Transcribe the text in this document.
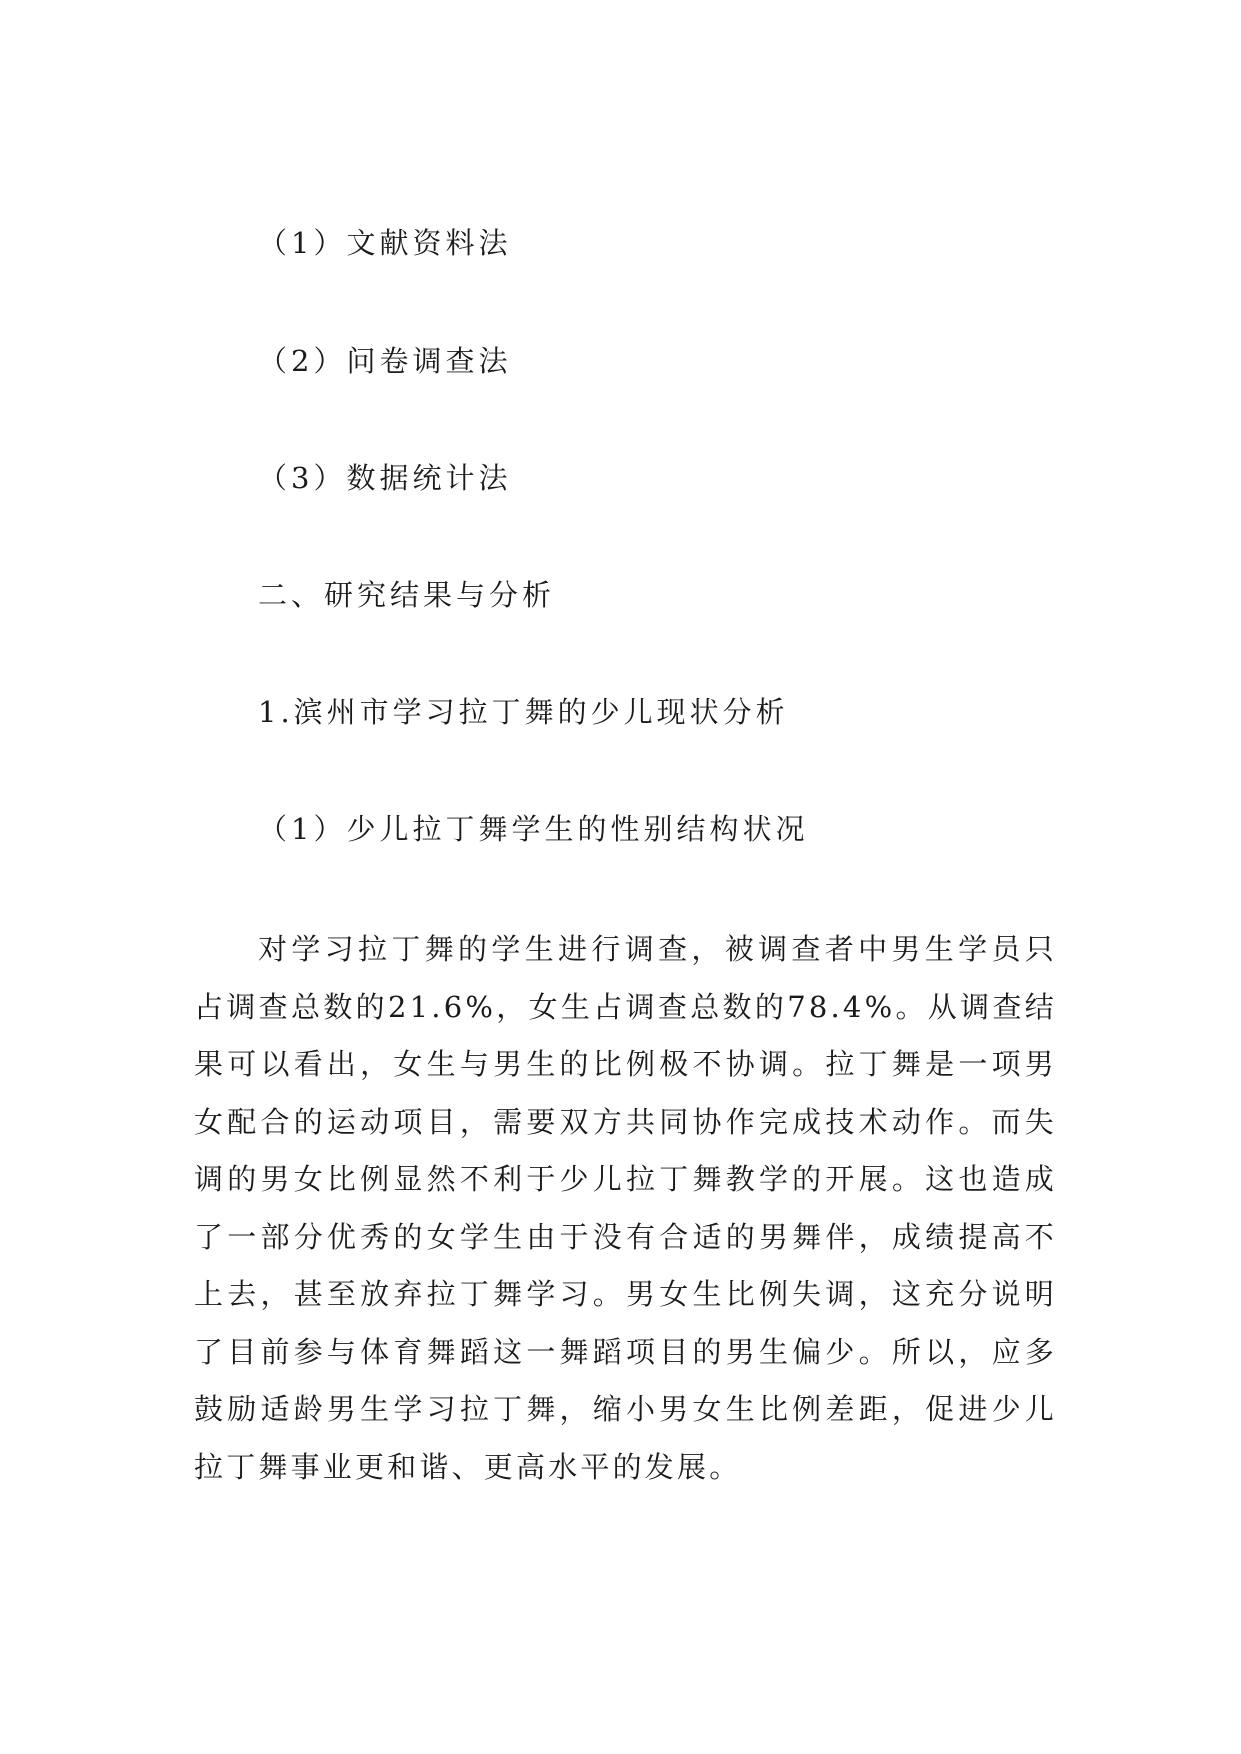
（1）文献资料法
（2）问卷调查法
（3）数据统计法
二、研究结果与分析
1.滨州市学习拉丁舞的少儿现状分析
（1）少儿拉丁舞学生的性别结构状况

对学习拉丁舞的学生进行调查，被调查者中男生学员只占调查总数的21.6%，女生占调查总数的78.4%。从调查结果可以看出，女生与男生的比例极不协调。拉丁舞是一项男女配合的运动项目，需要双方共同协作完成技术动作。而失调的男女比例显然不利于少儿拉丁舞教学的开展。这也造成了一部分优秀的女学生由于没有合适的男舞伴，成绩提高不上去，甚至放弃拉丁舞学习。男女生比例失调，这充分说明了目前参与体育舞蹈这一舞蹈项目的男生偏少。所以，应多鼓励适龄男生学习拉丁舞，缩小男女生比例差距，促进少儿拉丁舞事业更和谐、更高水平的发展。
